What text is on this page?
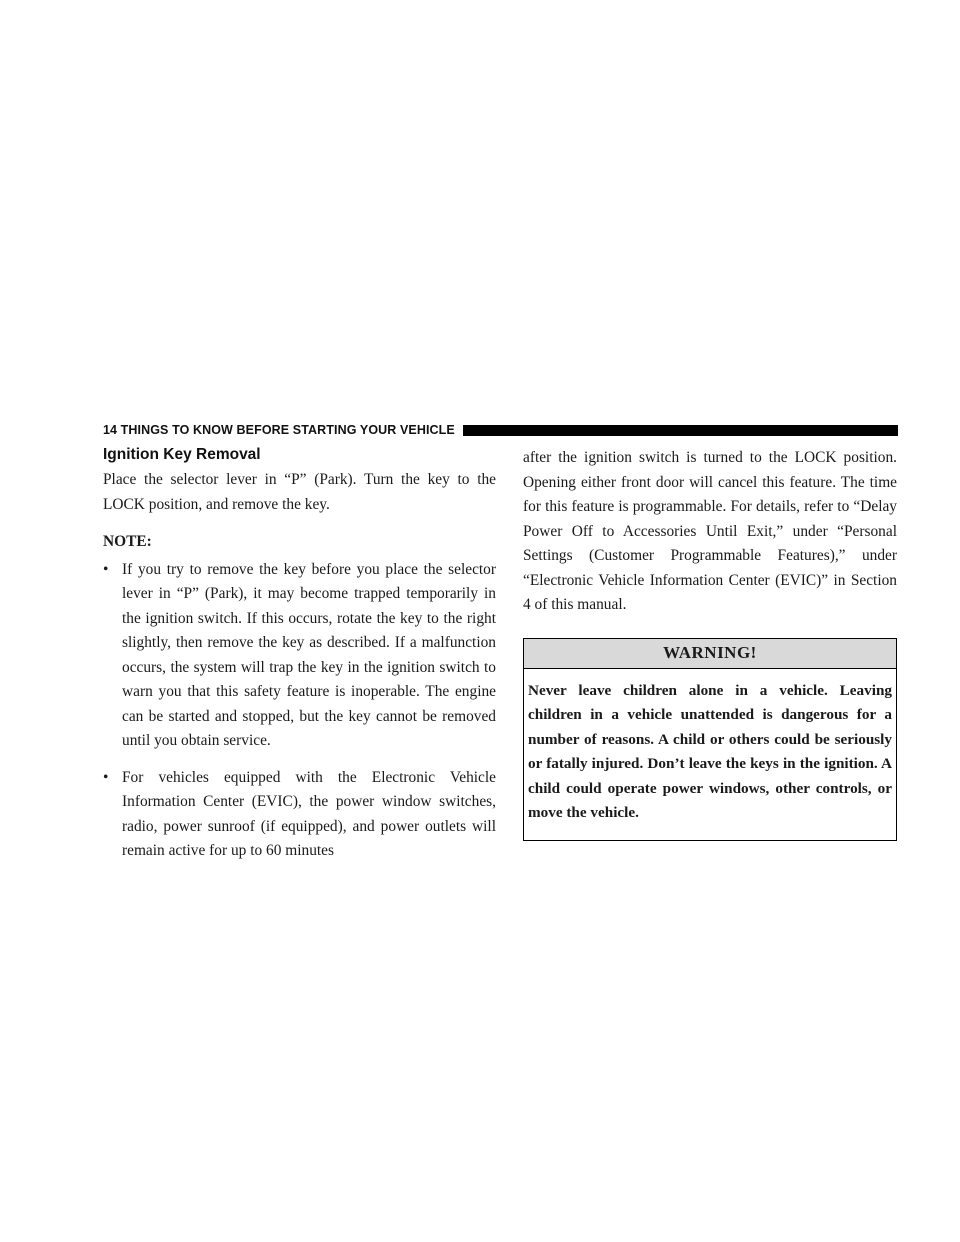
14 THINGS TO KNOW BEFORE STARTING YOUR VEHICLE
Ignition Key Removal

Place the selector lever in “P” (Park). Turn the key to the LOCK position, and remove the key.

NOTE:

• If you try to remove the key before you place the selector lever in “P” (Park), it may become trapped temporarily in the ignition switch. If this occurs, rotate the key to the right slightly, then remove the key as described. If a malfunction occurs, the system will trap the key in the ignition switch to warn you that this safety feature is inoperable. The engine can be started and stopped, but the key cannot be removed until you obtain service.
• For vehicles equipped with the Electronic Vehicle Information Center (EVIC), the power window switches, radio, power sunroof (if equipped), and power outlets will remain active for up to 60 minutes

after the ignition switch is turned to the LOCK position. Opening either front door will cancel this feature. The time for this feature is programmable. For details, refer to “Delay Power Off to Accessories Until Exit,” under “Personal Settings (Customer Programmable Features),” under “Electronic Vehicle Information Center (EVIC)” in Section 4 of this manual.

WARNING!
Never leave children alone in a vehicle. Leaving children in a vehicle unattended is dangerous for a number of reasons. A child or others could be seriously or fatally injured. Don’t leave the keys in the ignition. A child could operate power windows, other controls, or move the vehicle.
